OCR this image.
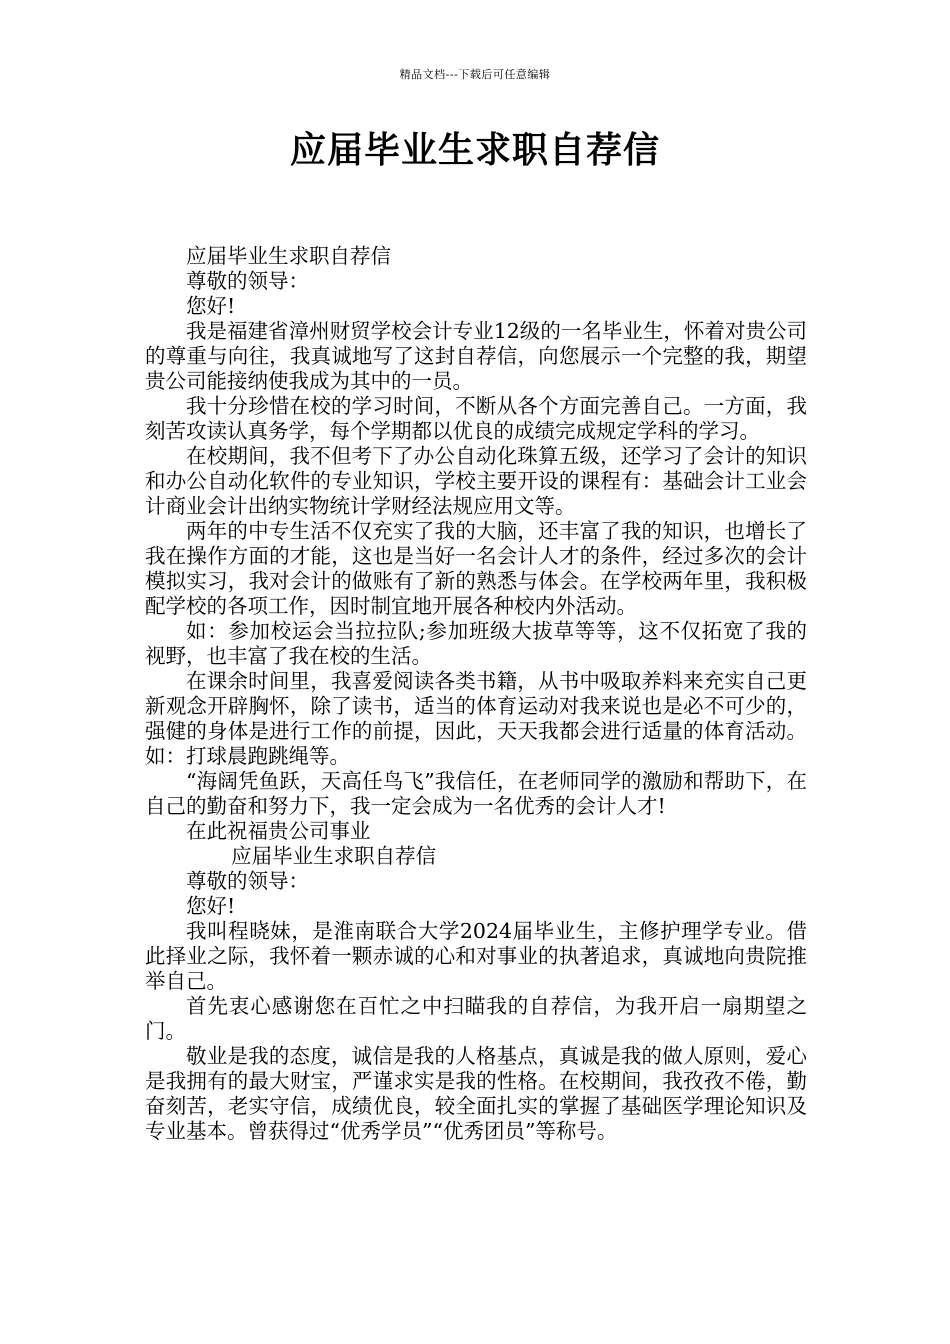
精品文档---下载后可任意编辑
应届毕业生求职自荐信

应届毕业生求职自荐信

尊敬的领导：

您好!

我是福建省漳州财贸学校会计专业12级的一名毕业生，怀着对贵公司的尊重与向往，我真诚地写了这封自荐信，向您展示一个完整的我，期望贵公司能接纳使我成为其中的一员。

我十分珍惜在校的学习时间，不断从各个方面完善自己。一方面，我刻苦攻读认真务学，每个学期都以优良的成绩完成规定学科的学习。

在校期间，我不但考下了办公自动化珠算五级，还学习了会计的知识和办公自动化软件的专业知识，学校主要开设的课程有：基础会计工业会计商业会计出纳实物统计学财经法规应用文等。

两年的中专生活不仅充实了我的大脑，还丰富了我的知识，也增长了我在操作方面的才能，这也是当好一名会计人才的条件，经过多次的会计模拟实习，我对会计的做账有了新的熟悉与体会。在学校两年里，我积极配学校的各项工作，因时制宜地开展各种校内外活动。

如：参加校运会当拉拉队;参加班级大拔草等等，这不仅拓宽了我的视野，也丰富了我在校的生活。

在课余时间里，我喜爱阅读各类书籍，从书中吸取养料来充实自己更新观念开辟胸怀，除了读书，适当的体育运动对我来说也是必不可少的，强健的身体是进行工作的前提，因此，天天我都会进行适量的体育活动。如：打球晨跑跳绳等。

“海阔凭鱼跃，天高任鸟飞”我信任，在老师同学的激励和帮助下，在自己的勤奋和努力下，我一定会成为一名优秀的会计人才!

在此祝福贵公司事业

应届毕业生求职自荐信

尊敬的领导：

您好!

我叫程晓妹，是淮南联合大学2024届毕业生，主修护理学专业。借此择业之际，我怀着一颗赤诚的心和对事业的执著追求，真诚地向贵院推举自己。

首先衷心感谢您在百忙之中扫瞄我的自荐信，为我开启一扇期望之门。

敬业是我的态度，诚信是我的人格基点，真诚是我的做人原则，爱心是我拥有的最大财宝，严谨求实是我的性格。在校期间，我孜孜不倦，勤奋刻苦，老实守信，成绩优良，较全面扎实的掌握了基础医学理论知识及专业基本。曾获得过“优秀学员”“优秀团员”等称号。
